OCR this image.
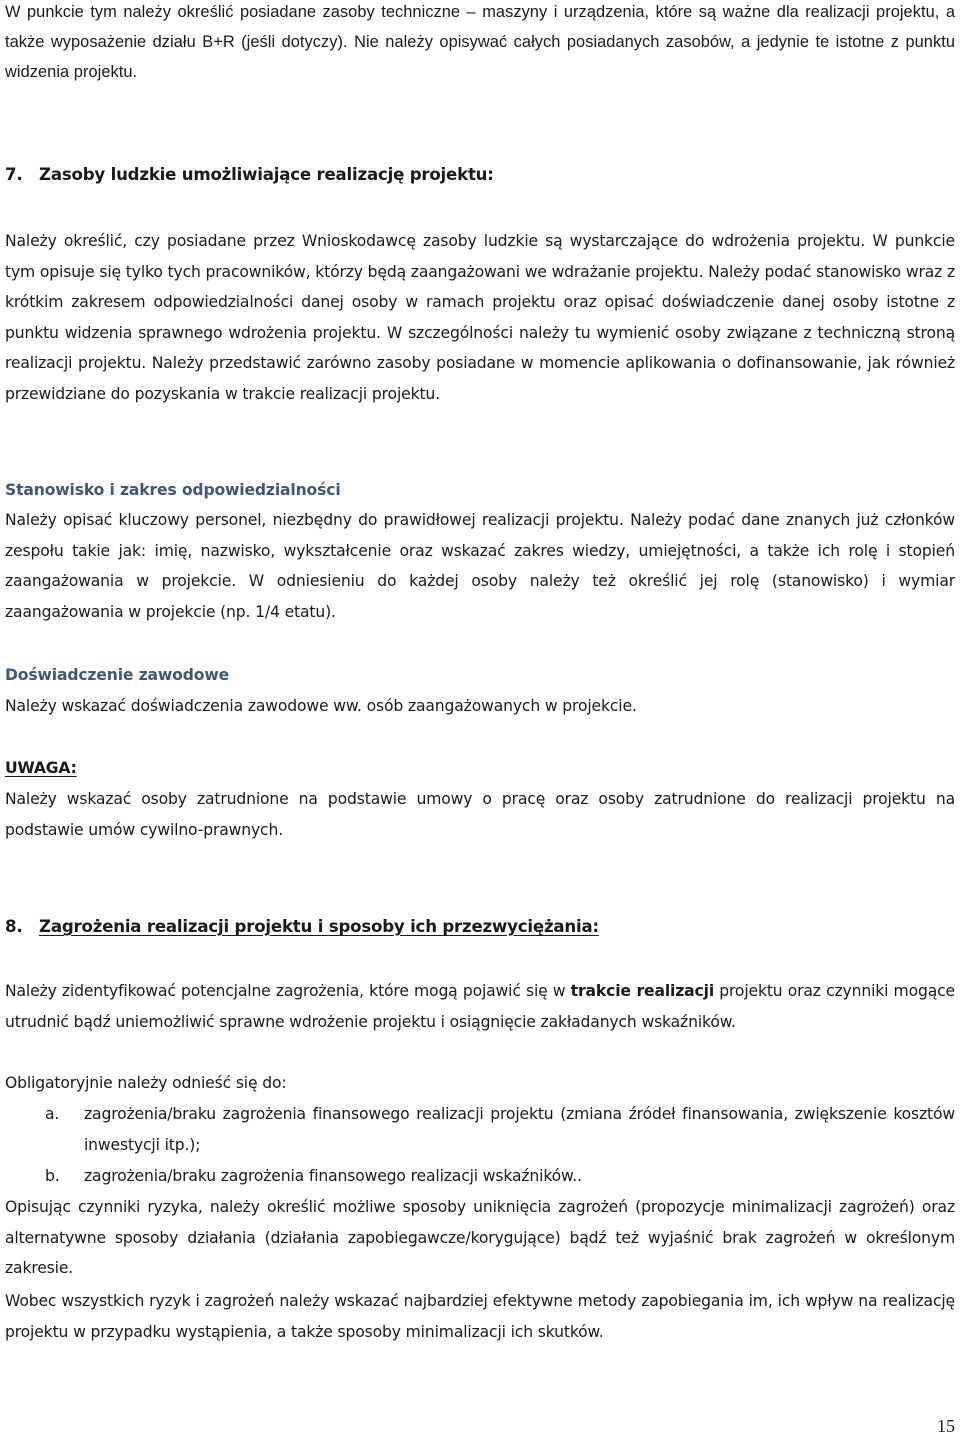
W punkcie tym należy określić posiadane zasoby techniczne – maszyny i urządzenia, które są ważne dla realizacji projektu, a także wyposażenie działu B+R (jeśli dotyczy). Nie należy opisywać całych posiadanych zasobów, a jedynie te istotne z punktu widzenia projektu.

7. Zasoby ludzkie umożliwiające realizację projektu:

Należy określić, czy posiadane przez Wnioskodawcę zasoby ludzkie są wystarczające do wdrożenia projektu. W punkcie tym opisuje się tylko tych pracowników, którzy będą zaangażowani we wdrażanie projektu. Należy podać stanowisko wraz z krótkim zakresem odpowiedzialności danej osoby w ramach projektu oraz opisać doświadczenie danej osoby istotne z punktu widzenia sprawnego wdrożenia projektu. W szczególności należy tu wymienić osoby związane z techniczną stroną realizacji projektu. Należy przedstawić zarówno zasoby posiadane w momencie aplikowania o dofinansowanie, jak również przewidziane do pozyskania w trakcie realizacji projektu.

Stanowisko i zakres odpowiedzialności

Należy opisać kluczowy personel, niezbędny do prawidłowej realizacji projektu. Należy podać dane znanych już członków zespołu takie jak: imię, nazwisko, wykształcenie oraz wskazać zakres wiedzy, umiejętności, a także ich rolę i stopień zaangażowania w projekcie. W odniesieniu do każdej osoby należy też określić jej rolę (stanowisko) i wymiar zaangażowania w projekcie (np. 1/4 etatu).

Doświadczenie zawodowe

Należy wskazać doświadczenia zawodowe ww. osób zaangażowanych w projekcie.

UWAGA:

Należy wskazać osoby zatrudnione na podstawie umowy o pracę oraz osoby zatrudnione do realizacji projektu na podstawie umów cywilno-prawnych.

8. Zagrożenia realizacji projektu i sposoby ich przezwyciężania:

Należy zidentyfikować potencjalne zagrożenia, które mogą pojawić się w trakcie realizacji projektu oraz czynniki mogące utrudnić bądź uniemożliwić sprawne wdrożenie projektu i osiągnięcie zakładanych wskaźników.

Obligatoryjnie należy odnieść się do:

a. zagrożenia/braku zagrożenia finansowego realizacji projektu (zmiana źródeł finansowania, zwiększenie kosztów inwestycji itp.);
b. zagrożenia/braku zagrożenia finansowego realizacji wskaźników..

Opisując czynniki ryzyka, należy określić możliwe sposoby uniknięcia zagrożeń (propozycje minimalizacji zagrożeń) oraz alternatywne sposoby działania (działania zapobiegawcze/korygujące) bądź też wyjaśnić brak zagrożeń w określonym zakresie.

Wobec wszystkich ryzyk i zagrożeń należy wskazać najbardziej efektywne metody zapobiegania im, ich wpływ na realizację projektu w przypadku wystąpienia, a także sposoby minimalizacji ich skutków.

15
